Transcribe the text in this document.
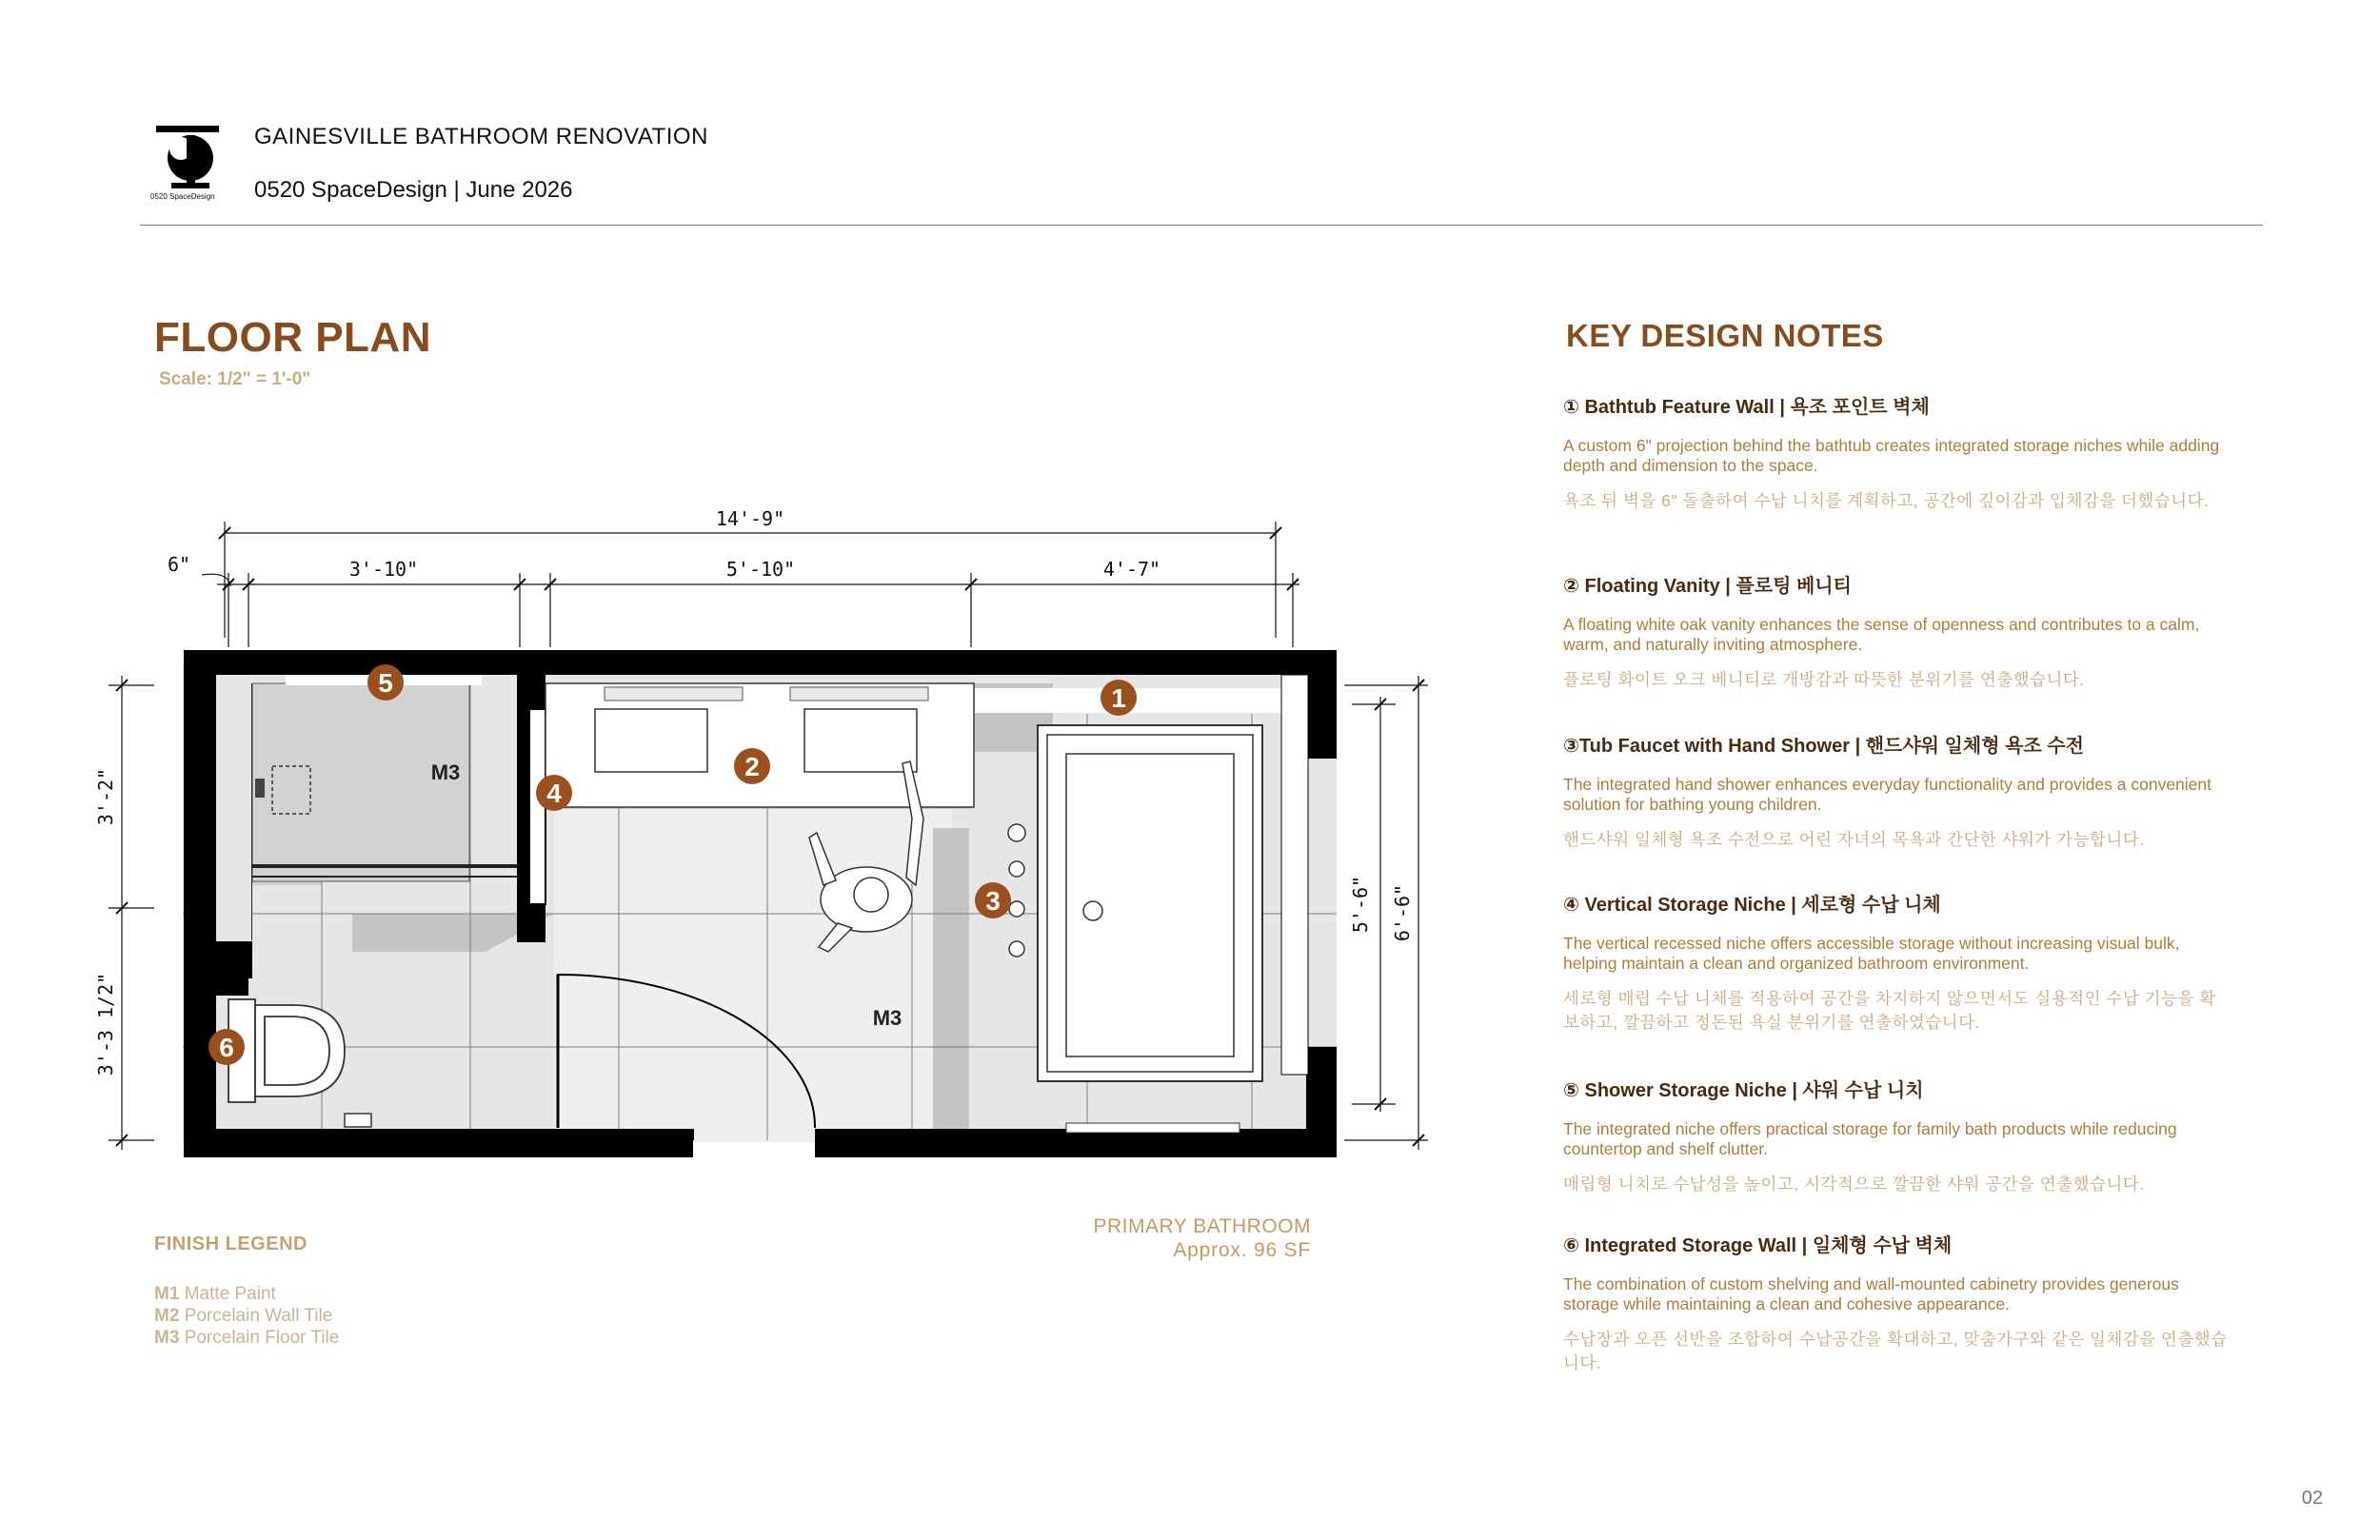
0520 SpaceDesign
GAINESVILLE BATHROOM RENOVATION
0520 SpaceDesign | June 2026
FLOOR PLAN
Scale: 1/2" = 1'-0"
M3
M3
1
2
3
4
5
6
14'-9"
6"	3'-10"	5'-10"	4'-7"
3'-2"
3'-3 1/2"
5'-6" 6'-6"
PRIMARY BATHROOM
Approx. 96 SF
FINISH LEGEND
M1 Matte Paint
M2 Porcelain Wall Tile
M3 Porcelain Floor Tile
KEY DESIGN NOTES
① Bathtub Feature Wall | 욕조 포인트 벽체
A custom 6" projection behind the bathtub creates integrated storage niches while adding depth and dimension to the space.
욕조 뒤 벽을 6" 돌출하여 수납 니치를 계획하고, 공간에 깊이감과 입체감을 더했습니다.
② Floating Vanity | 플로팅 베니티
A floating white oak vanity enhances the sense of openness and contributes to a calm, warm, and naturally inviting atmosphere.
플로팅 화이트 오크 베니티로 개방감과 따뜻한 분위기를 연출했습니다.
③Tub Faucet with Hand Shower | 핸드샤워 일체형 욕조 수전
The integrated hand shower enhances everyday functionality and provides a convenient solution for bathing young children.
핸드샤워 일체형 욕조 수전으로 어린 자녀의 목욕과 간단한 샤워가 가능합니다.
④ Vertical Storage Niche | 세로형 수납 니체
The vertical recessed niche offers accessible storage without increasing visual bulk, helping maintain a clean and organized bathroom environment.
세로형 매립 수납 니체를 적용하여 공간을 차지하지 않으면서도 실용적인 수납 기능을 확보하고, 깔끔하고 정돈된 욕실 분위기를 연출하였습니다.
⑤ Shower Storage Niche | 샤워 수납 니치
The integrated niche offers practical storage for family bath products while reducing countertop and shelf clutter.
매립형 니치로 수납성을 높이고, 시각적으로 깔끔한 샤워 공간을 연출했습니다.
⑥ Integrated Storage Wall | 일체형 수납 벽체
The combination of custom shelving and wall-mounted cabinetry provides generous storage while maintaining a clean and cohesive appearance.
수납장과 오픈 선반을 조합하여 수납공간을 확대하고, 맞춤가구와 같은 일체감을 연출했습니다.
02
